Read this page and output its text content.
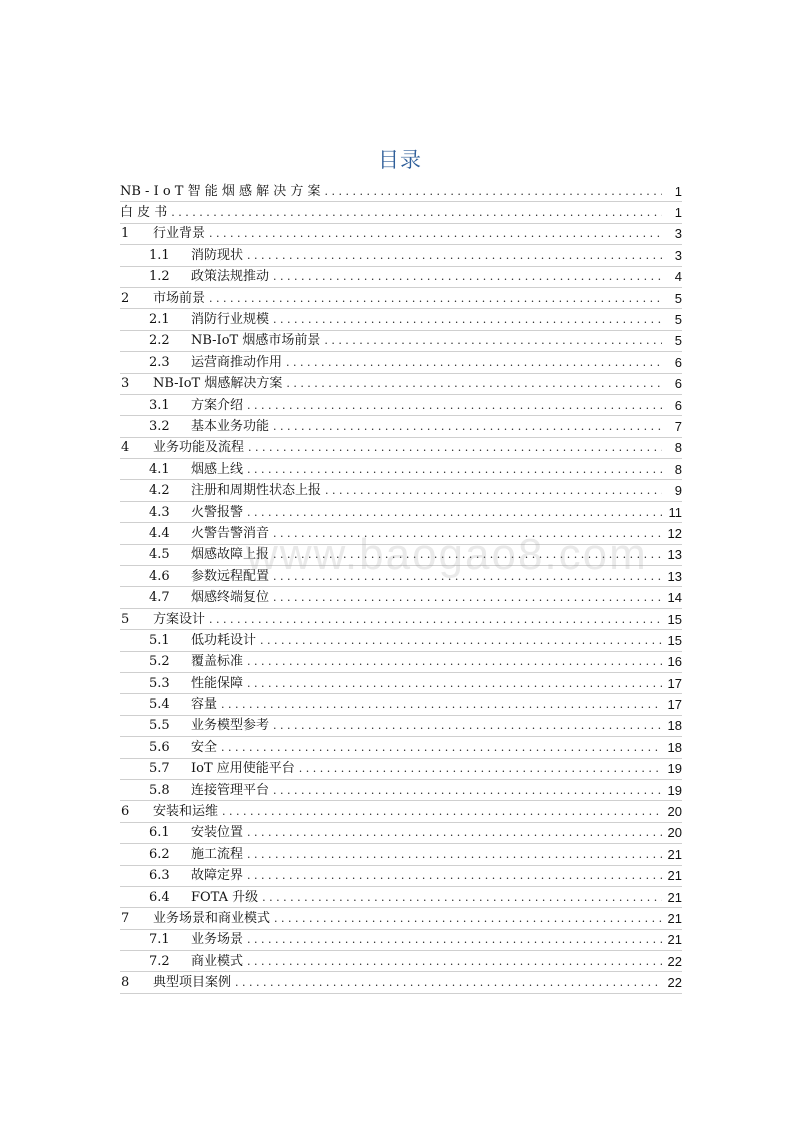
目录
NB - I o T 智 能 烟 感 解 决 方 案 . . .	1
白 皮 书 . . .	1
1	行业背景 . . .	3
1.1	消防现状 . . .	3
1.2	政策法规推动 . . .	4
2	市场前景 . . .	5
2.1	消防行业规模 . . .	5
2.2	NB-IoT 烟感市场前景 . . .	5
2.3	运营商推动作用 . . .	6
3	NB-IoT 烟感解决方案 . . .	6
3.1	方案介绍 . . .	6
3.2	基本业务功能 . . .	7
4	业务功能及流程 . . .	8
4.1	烟感上线 . . .	8
4.2	注册和周期性状态上报 . . .	9
4.3	火警报警 . . .	11
4.4	火警告警消音 . . .	12
4.5	烟感故障上报 . . .	13
4.6	参数远程配置 . . .	13
4.7	烟感终端复位 . . .	14
5	方案设计 . . .	15
5.1	低功耗设计 . . .	15
5.2	覆盖标准 . . .	16
5.3	性能保障 . . .	17
5.4	容量 . . .	17
5.5	业务模型参考 . . .	18
5.6	安全 . . .	18
5.7	IoT 应用使能平台 . . .	19
5.8	连接管理平台 . . .	19
6	安装和运维 . . .	20
6.1	安装位置 . . .	20
6.2	施工流程 . . .	21
6.3	故障定界 . . .	21
6.4	FOTA 升级 . . .	21
7	业务场景和商业模式 . . .	21
7.1	业务场景 . . .	21
7.2	商业模式 . . .	22
8	典型项目案例 . . .	22
www.baogao8.com
